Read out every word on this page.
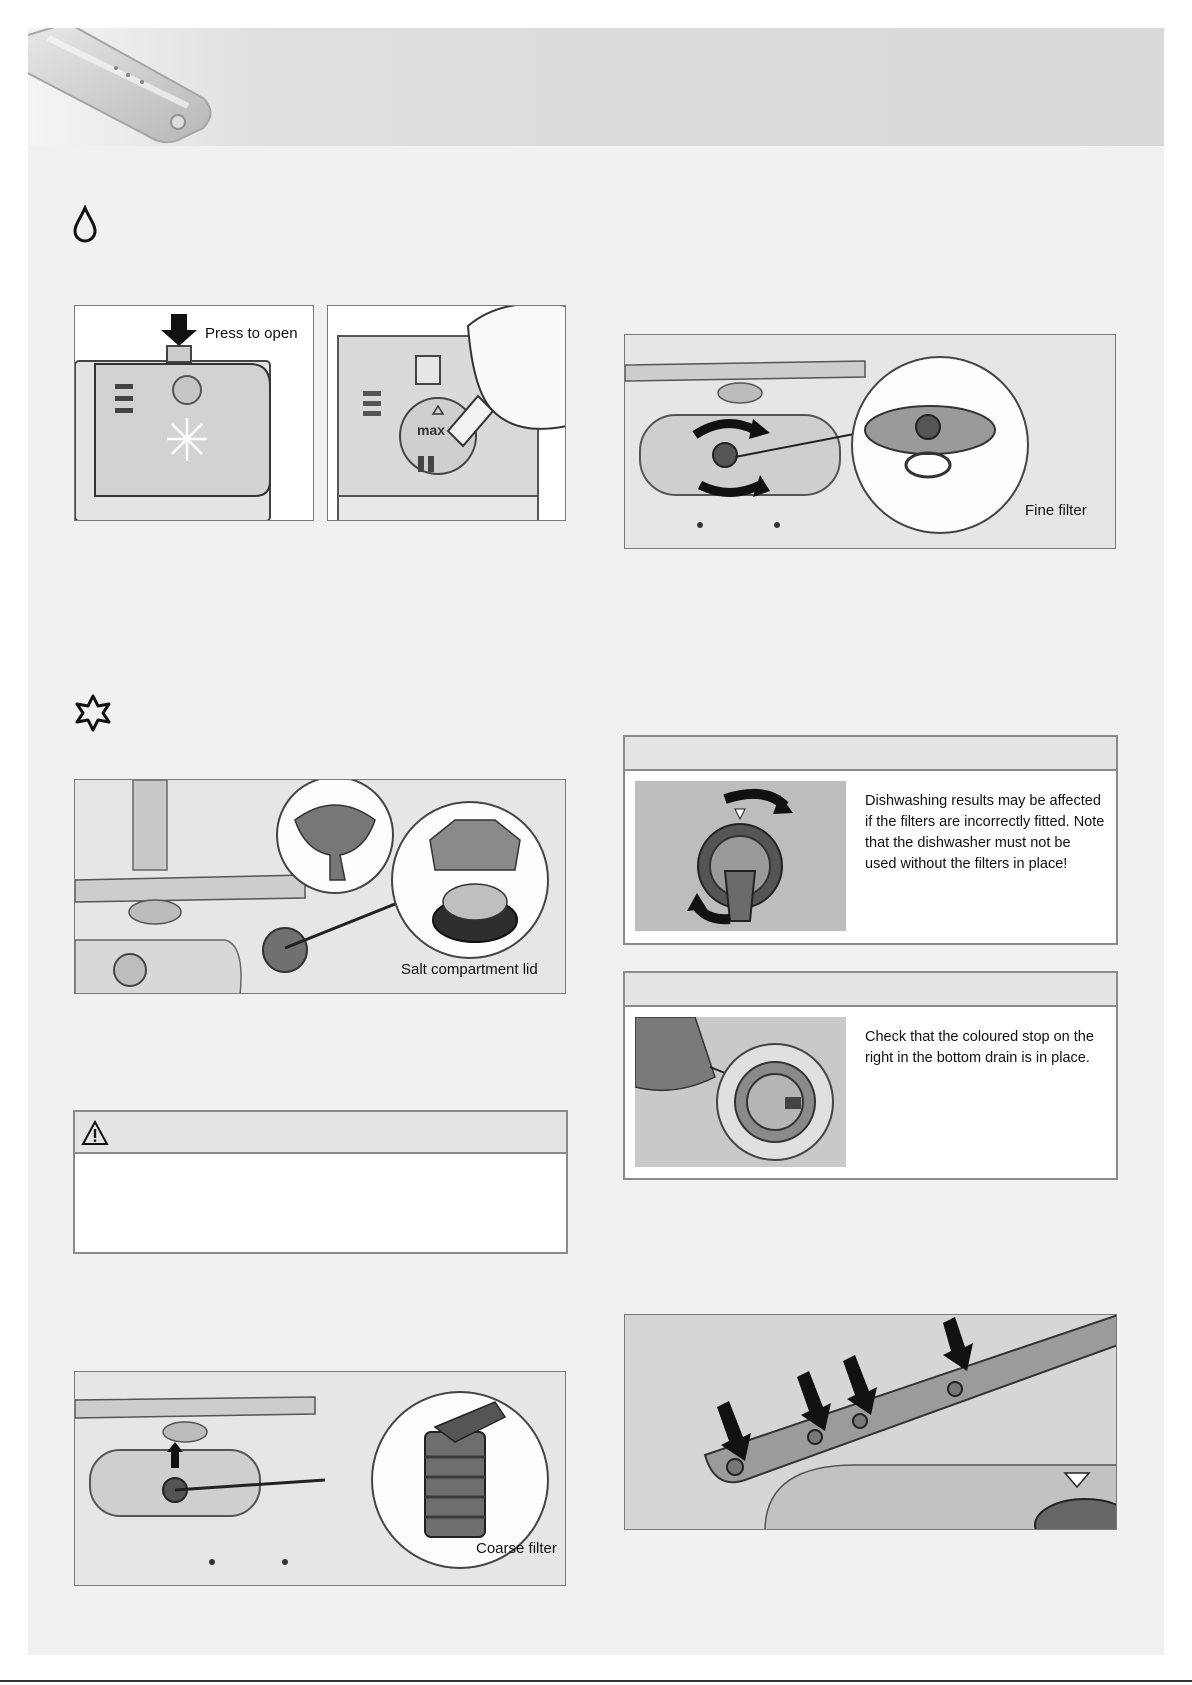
Press to open
max
Salt compartment lid
Coarse filter
Fine filter
Dishwashing results may be affected if the filters are incorrectly fitted. Note that the dishwasher must not be used without the filters in place!
Check that the coloured stop on the right in the bottom drain is in place.
